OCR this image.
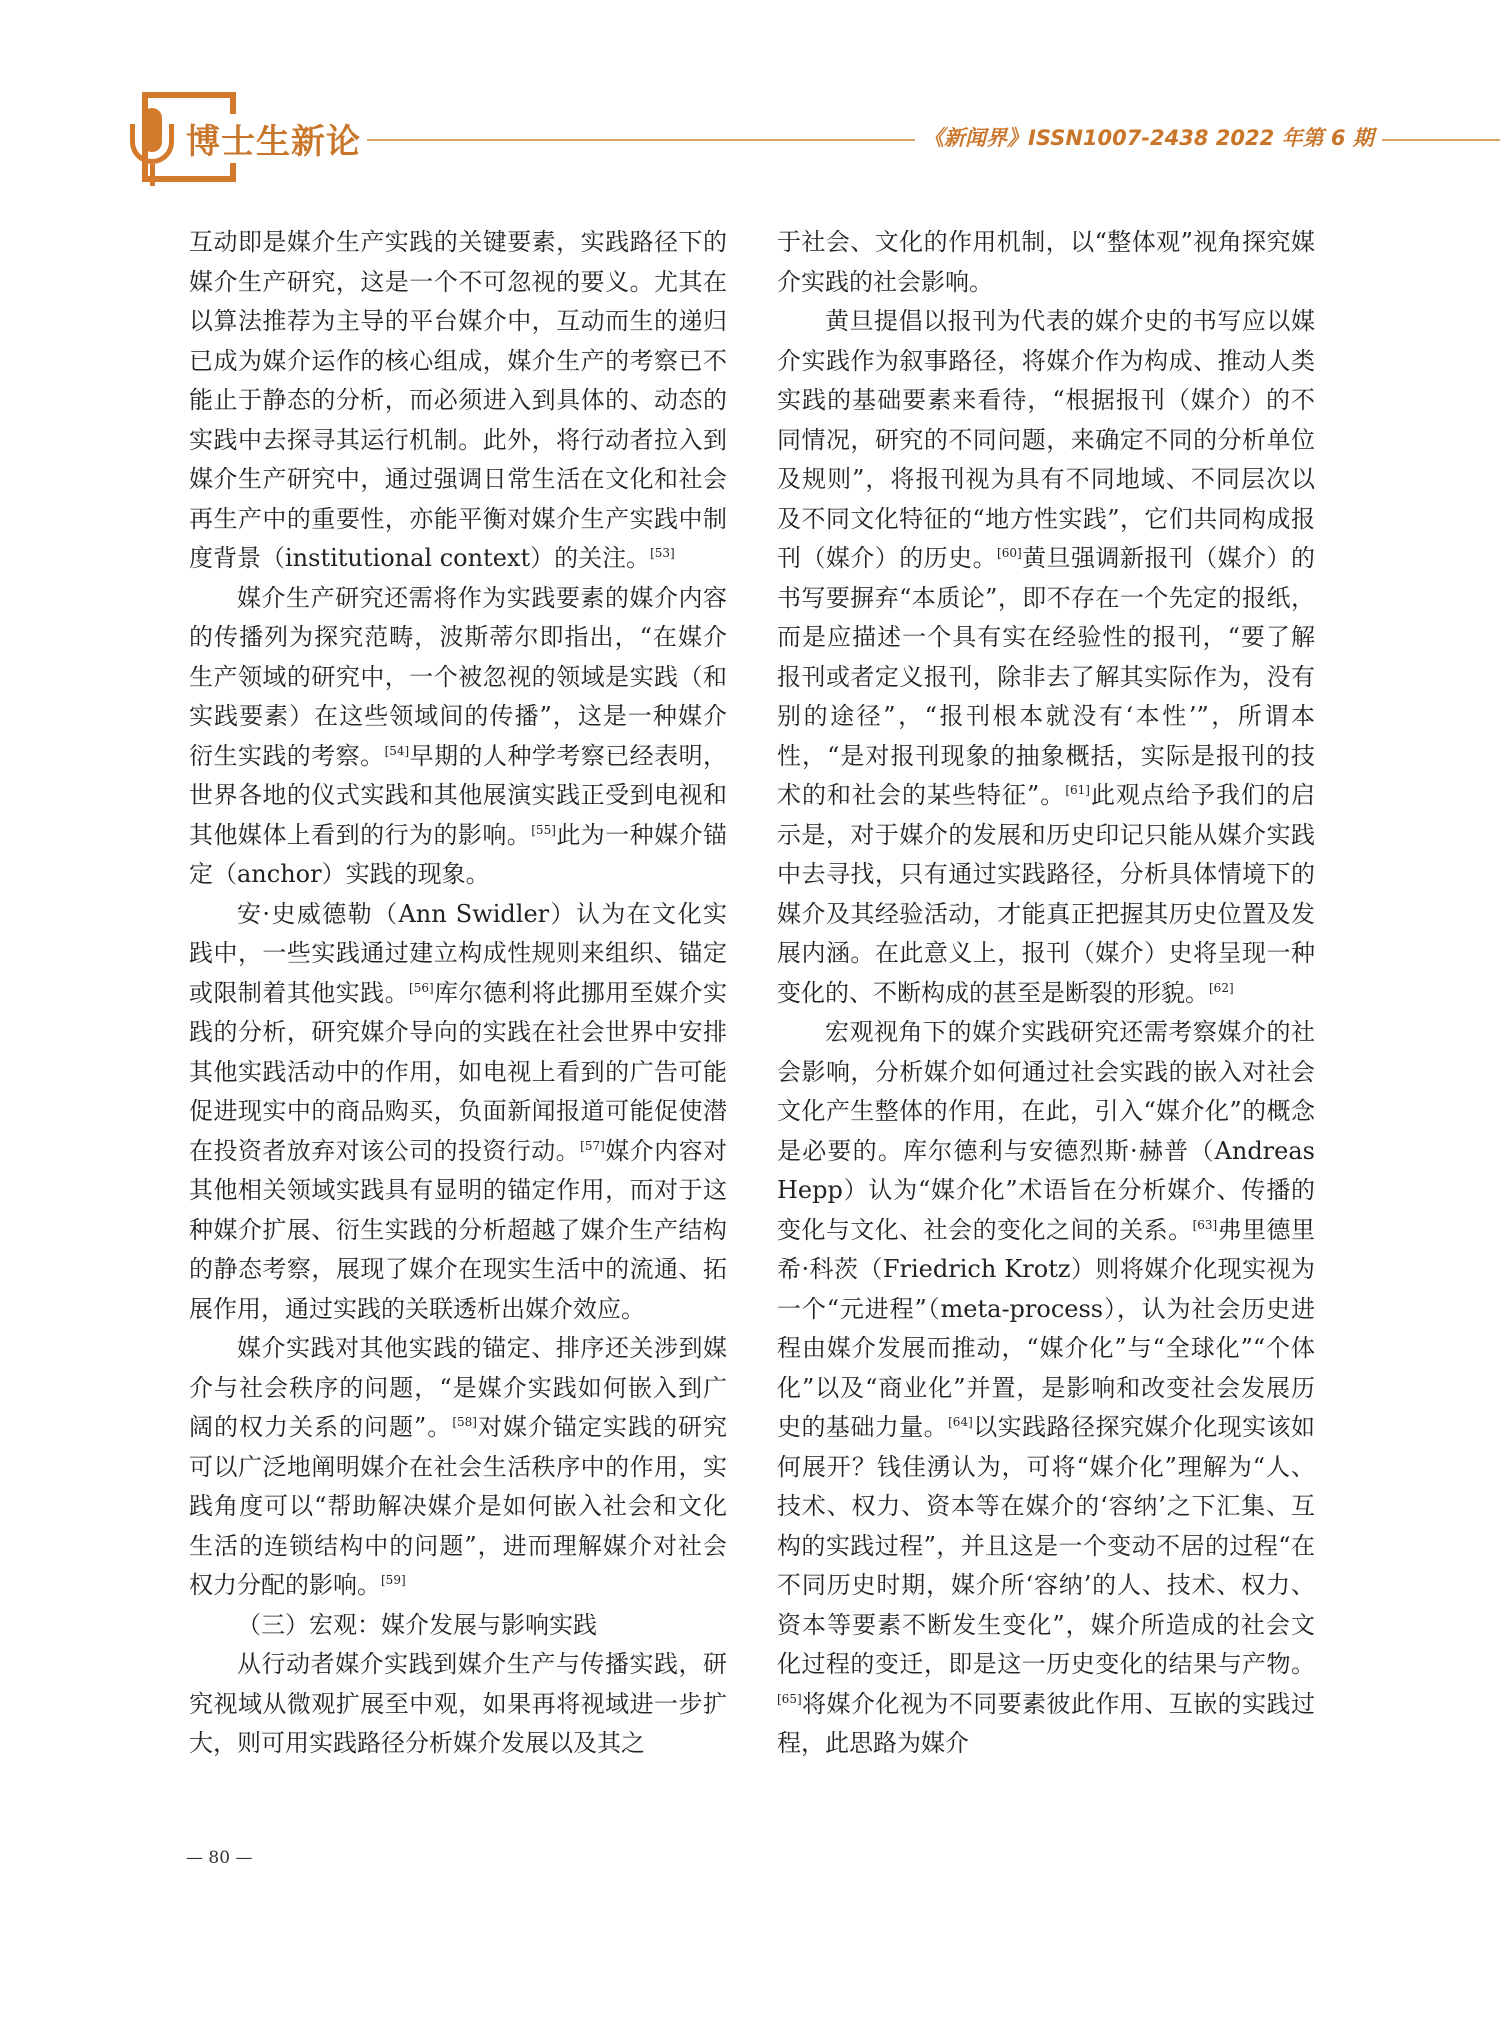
博士生新论	《新闻界》ISSN1007-2438 2022 年第 6 期

互动即是媒介生产实践的关键要素，实践路径下的媒介生产研究，这是一个不可忽视的要义。尤其在以算法推荐为主导的平台媒介中，互动而生的递归已成为媒介运作的核心组成，媒介生产的考察已不能止于静态的分析，而必须进入到具体的、动态的实践中去探寻其运行机制。此外，将行动者拉入到媒介生产研究中，通过强调日常生活在文化和社会再生产中的重要性，亦能平衡对媒介生产实践中制度背景（institutional context）的关注。[53]

媒介生产研究还需将作为实践要素的媒介内容的传播列为探究范畴，波斯蒂尔即指出，“在媒介生产领域的研究中，一个被忽视的领域是实践（和实践要素）在这些领域间的传播”，这是一种媒介衍生实践的考察。[54]早期的人种学考察已经表明，世界各地的仪式实践和其他展演实践正受到电视和其他媒体上看到的行为的影响。[55]此为一种媒介锚定（anchor）实践的现象。

安·史威德勒（Ann Swidler）认为在文化实践中，一些实践通过建立构成性规则来组织、锚定或限制着其他实践。[56]库尔德利将此挪用至媒介实践的分析，研究媒介导向的实践在社会世界中安排其他实践活动中的作用，如电视上看到的广告可能促进现实中的商品购买，负面新闻报道可能促使潜在投资者放弃对该公司的投资行动。[57]媒介内容对其他相关领域实践具有显明的锚定作用，而对于这种媒介扩展、衍生实践的分析超越了媒介生产结构的静态考察，展现了媒介在现实生活中的流通、拓展作用，通过实践的关联透析出媒介效应。

媒介实践对其他实践的锚定、排序还关涉到媒介与社会秩序的问题，“是媒介实践如何嵌入到广阔的权力关系的问题”。[58]对媒介锚定实践的研究可以广泛地阐明媒介在社会生活秩序中的作用，实践角度可以“帮助解决媒介是如何嵌入社会和文化生活的连锁结构中的问题”，进而理解媒介对社会权力分配的影响。[59]

（三）宏观：媒介发展与影响实践

从行动者媒介实践到媒介生产与传播实践，研究视域从微观扩展至中观，如果再将视域进一步扩大，则可用实践路径分析媒介发展以及其之

于社会、文化的作用机制，以“整体观”视角探究媒介实践的社会影响。

黄旦提倡以报刊为代表的媒介史的书写应以媒介实践作为叙事路径，将媒介作为构成、推动人类实践的基础要素来看待，“根据报刊（媒介）的不同情况，研究的不同问题，来确定不同的分析单位及规则”，将报刊视为具有不同地域、不同层次以及不同文化特征的“地方性实践”，它们共同构成报刊（媒介）的历史。[60]黄旦强调新报刊（媒介）的书写要摒弃“本质论”，即不存在一个先定的报纸，而是应描述一个具有实在经验性的报刊，“要了解报刊或者定义报刊，除非去了解其实际作为，没有别的途径”，“报刊根本就没有‘本性’”，所谓本性，“是对报刊现象的抽象概括，实际是报刊的技术的和社会的某些特征”。[61]此观点给予我们的启示是，对于媒介的发展和历史印记只能从媒介实践中去寻找，只有通过实践路径，分析具体情境下的媒介及其经验活动，才能真正把握其历史位置及发展内涵。在此意义上，报刊（媒介）史将呈现一种变化的、不断构成的甚至是断裂的形貌。[62]

宏观视角下的媒介实践研究还需考察媒介的社会影响，分析媒介如何通过社会实践的嵌入对社会文化产生整体的作用，在此，引入“媒介化”的概念是必要的。库尔德利与安德烈斯·赫普（Andreas Hepp）认为“媒介化”术语旨在分析媒介、传播的变化与文化、社会的变化之间的关系。[63]弗里德里希·科茨（Friedrich Krotz）则将媒介化现实视为一个“元进程”（meta-process），认为社会历史进程由媒介发展而推动，“媒介化”与“全球化”“个体化”以及“商业化”并置，是影响和改变社会发展历史的基础力量。[64]以实践路径探究媒介化现实该如何展开？钱佳湧认为，可将“媒介化”理解为“人、技术、权力、资本等在媒介的‘容纳’之下汇集、互构的实践过程”，并且这是一个变动不居的过程“在不同历史时期，媒介所‘容纳’的人、技术、权力、资本等要素不断发生变化”，媒介所造成的社会文化过程的变迁，即是这一历史变化的结果与产物。[65]将媒介化视为不同要素彼此作用、互嵌的实践过程，此思路为媒介

— 80 —
